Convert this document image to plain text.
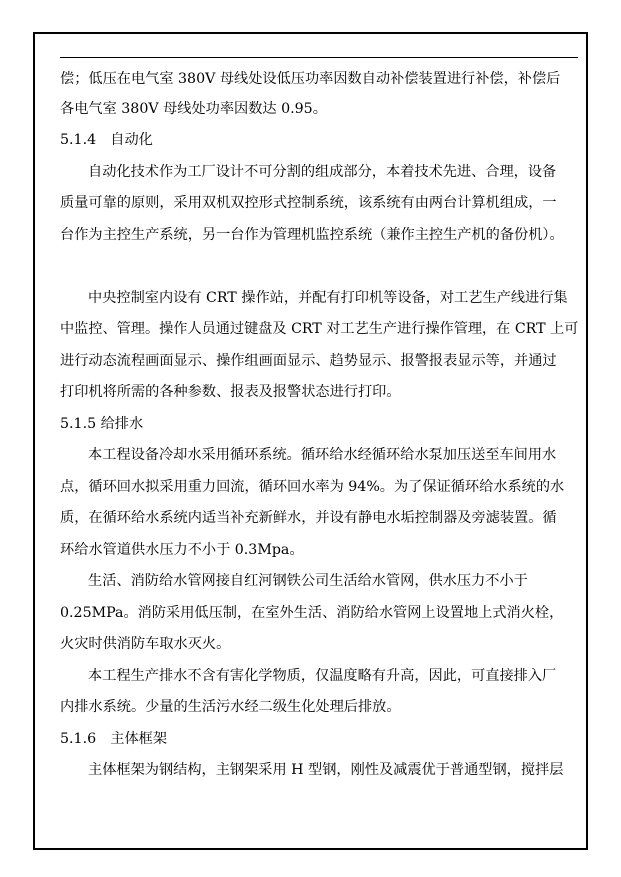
偿；低压在电气室 380V 母线处设低压功率因数自动补偿装置进行补偿，补偿后
各电气室 380V 母线处功率因数达 0.95。
5.1.4　自动化
自动化技术作为工厂设计不可分割的组成部分，本着技术先进、合理，设备
质量可靠的原则，采用双机双控形式控制系统，该系统有由两台计算机组成，一
台作为主控生产系统，另一台作为管理机监控系统（兼作主控生产机的备份机）。
中央控制室内设有 CRT 操作站，并配有打印机等设备，对工艺生产线进行集
中监控、管理。操作人员通过键盘及 CRT 对工艺生产进行操作管理，在 CRT 上可
进行动态流程画面显示、操作组画面显示、趋势显示、报警报表显示等，并通过
打印机将所需的各种参数、报表及报警状态进行打印。
5.1.5 给排水
本工程设备冷却水采用循环系统。循环给水经循环给水泵加压送至车间用水
点，循环回水拟采用重力回流，循环回水率为 94%。为了保证循环给水系统的水
质，在循环给水系统内适当补充新鲜水，并设有静电水垢控制器及旁滤装置。循
环给水管道供水压力不小于 0.3Mpa。
生活、消防给水管网接自红河钢铁公司生活给水管网，供水压力不小于
0.25MPa。消防采用低压制，在室外生活、消防给水管网上设置地上式消火栓，
火灾时供消防车取水灭火。
本工程生产排水不含有害化学物质，仅温度略有升高，因此，可直接排入厂
内排水系统。少量的生活污水经二级生化处理后排放。
5.1.6　主体框架
主体框架为钢结构，主钢架采用 H 型钢，刚性及减震优于普通型钢，搅拌层
